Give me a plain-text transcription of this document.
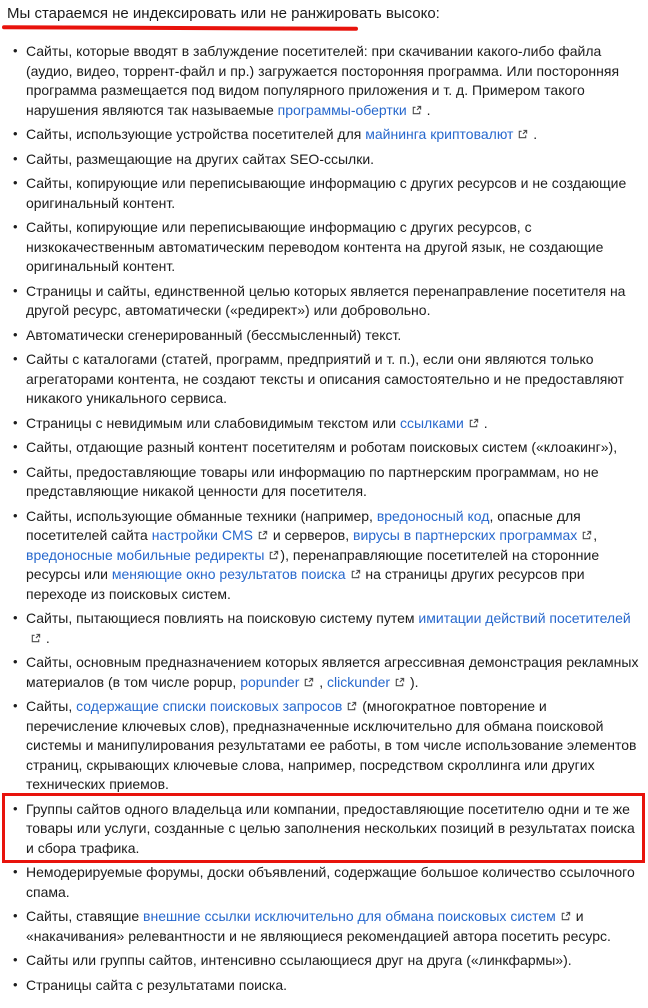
Мы стараемся не индексировать или не ранжировать высоко:
• Сайты, которые вводят в заблуждение посетителей: при скачивании какого-либо файла (аудио, видео, торрент-файл и пр.) загружается посторонняя программа. Или посторонняя программа размещается под видом популярного приложения и т. д. Примером такого нарушения являются так называемые программы-обертки
.
• Сайты, использующие устройства посетителей для майнинга криптовалют
.
• Сайты, размещающие на других сайтах SEO-ссылки.
• Сайты, копирующие или переписывающие информацию с других ресурсов и не создающие оригинальный контент.
• Сайты, копирующие или переписывающие информацию с других ресурсов, с низкокачественным автоматическим переводом контента на другой язык, не создающие оригинальный контент.
• Страницы и сайты, единственной целью которых является перенаправление посетителя на другой ресурс, автоматически («редирект») или добровольно.
• Автоматически сгенерированный (бессмысленный) текст.
• Сайты с каталогами (статей, программ, предприятий и т. п.), если они являются только агрегаторами контента, не создают тексты и описания самостоятельно и не предоставляют никакого уникального сервиса.
• Страницы с невидимым или слабовидимым текстом или ссылками
.
• Сайты, отдающие разный контент посетителям и роботам поисковых систем («клоакинг»),
• Сайты, предоставляющие товары или информацию по партнерским программам, но не представляющие никакой ценности для посетителя.
• Сайты, использующие обманные техники (например, вредоносный код, опасные для посетителей сайта настройки CMS
и серверов, вирусы в партнерских программах , вредоносные мобильные редиректы ), перенаправляющие посетителей на сторонние ресурсы или меняющие окно результатов поиска
на страницы других ресурсов при переходе из поисковых систем.
• Сайты, пытающиеся повлиять на поисковую систему путем имитации действий посетителей
.
• Сайты, основным предназначением которых является агрессивная демонстрация рекламных материалов (в том числе popup, popunder
, clickunder
).
• Сайты, содержащие списки поисковых запросов
(многократное повторение и перечисление ключевых слов), предназначенные исключительно для обмана поисковой системы и манипулирования результатами ее работы, в том числе использование элементов страниц, скрывающих ключевые слова, например, посредством скроллинга или других технических приемов.
• Группы сайтов одного владельца или компании, предоставляющие посетителю одни и те же товары или услуги, созданные с целью заполнения нескольких позиций в результатах поиска и сбора трафика.
• Немодерируемые форумы, доски объявлений, содержащие большое количество ссылочного спама.
• Сайты, ставящие внешние ссылки исключительно для обмана поисковых систем
и «накачивания» релевантности и не являющиеся рекомендацией автора посетить ресурс.
• Сайты или группы сайтов, интенсивно ссылающиеся друг на друга («линкфармы»).
• Страницы сайта с результатами поиска.
